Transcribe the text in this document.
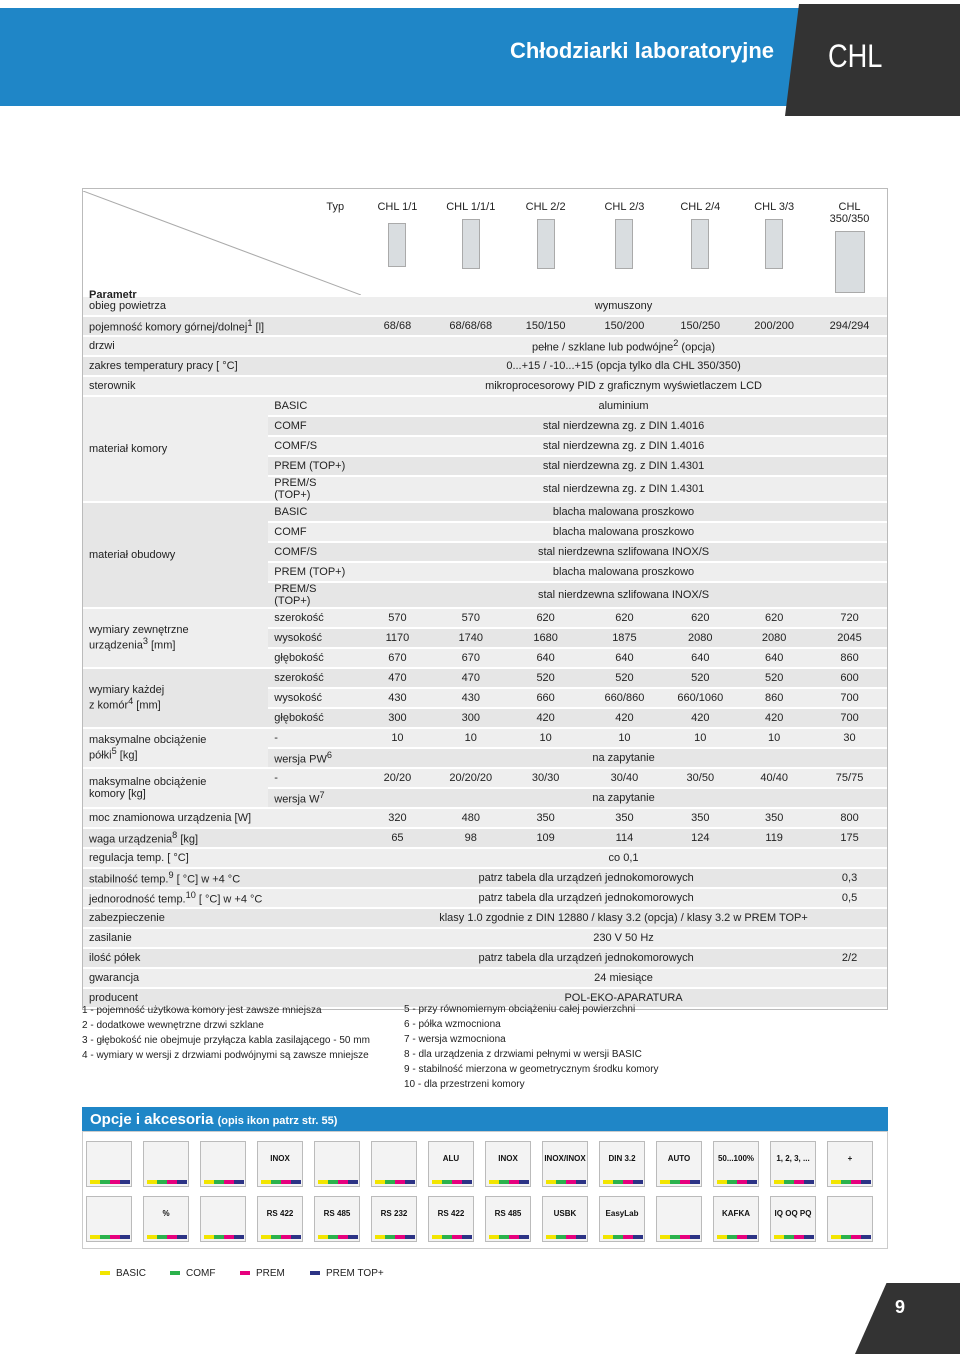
Chłodziarki laboratoryjne CHL
Typ
Parametr		CHL 1/1	CHL 1/1/1	CHL 2/2	CHL 2/3	CHL 2/4	CHL 3/3	CHL 350/350

obieg powietrza		wymuszony						
pojemność komory górnej/dolnej$^1$ [l]		68/68	68/68/68	150/150	150/200	150/250	200/200	294/294
drzwi		pełne / szklane lub podwójne$^2$ (opcja)						
zakres temperatury pracy [ °C]		0...+15 / -10...+15 (opcja tylko dla CHL 350/350)						
sterownik		mikroprocesorowy PID z graficznym wyświetlaczem LCD						
materiał komory	BASIC	aluminium						
	COMF	stal nierdzewna zg. z DIN 1.4016						
	COMF/S	stal nierdzewna zg. z DIN 1.4016						
	PREM (TOP+)	stal nierdzewna zg. z DIN 1.4301						
	PREM/S (TOP+)	stal nierdzewna zg. z DIN 1.4301						
materiał obudowy	BASIC	blacha malowana proszkowo						
	COMF	blacha malowana proszkowo						
	COMF/S	stal nierdzewna szlifowana INOX/S						
	PREM (TOP+)	blacha malowana proszkowo						
	PREM/S (TOP+)	stal nierdzewna szlifowana INOX/S						
wymiary zewnętrzne
urządzenia$^3$ [mm]	szerokość	570	570	620	620	620	620	720
	wysokość	1170	1740	1680	1875	2080	2080	2045
	głębokość	670	670	640	640	640	640	860
wymiary każdej
z komór$^4$ [mm]	szerokość	470	470	520	520	520	520	600
	wysokość	430	430	660	660/860	660/1060	860	700
	głębokość	300	300	420	420	420	420	700
maksymalne obciążenie
półki$^5$ [kg]	-	10	10	10	10	10	10	30
	wersja $PW^6$	na zapytanie						
maksymalne obciążenie
komory [kg]	-	20/20	20/20/20	30/30	30/40	30/50	40/40	75/75
	wersja $W^7$	na zapytanie						
moc znamionowa urządzenia [W]		320	480	350	350	350	350	800
waga urządzenia$^8$ [kg]		65	98	109	114	124	119	175
regulacja temp. [ °C]		co 0,1						
stabilność temp.$^9$ [ °C] w +4 °C		patrz tabela dla urządzeń jednokomorowych						0,3
jednorodność temp.$^{10}$ [ °C] w +4 °C		patrz tabela dla urządzeń jednokomorowych						0,5
zabezpieczenie		klasy 1.0 zgodnie z DIN 12880 / klasy 3.2 (opcja) / klasy 3.2 w PREM TOP+						
zasilanie		230 V 50 Hz						
ilość półek		patrz tabela dla urządzeń jednokomorowych						2/2
gwarancja		24 miesiące						
producent		POL-EKO-APARATURA						
1 - pojemność użytkowa komory jest zawsze mniejsza
2 - dodatkowe wewnętrzne drzwi szklane
3 - głębokość nie obejmuje przyłącza kabla zasilającego - 50 mm
4 - wymiary w wersji z drzwiami podwójnymi są zawsze mniejsze
5 - przy równomiernym obciążeniu całej powierzchni
6 - półka wzmocniona
7 - wersja wzmocniona
8 - dla urządzenia z drzwiami pełnymi w wersji BASIC
9 - stabilność mierzona w geometrycznym środku komory
10 - dla przestrzeni komory
Opcje i akcesoria (opis ikon patrz str. 55)
INOX	ALU	INOX	INOX/INOX	DIN 3.2	AUTO	50...100%	1, 2, 3, ...	+
%	RS 422	RS 485	RS 232	RS 422	RS 485	USBK	EasyLab	KAFKA	IQ OQ PQ
BASIC	COMF	PREM	PREM TOP+
9
